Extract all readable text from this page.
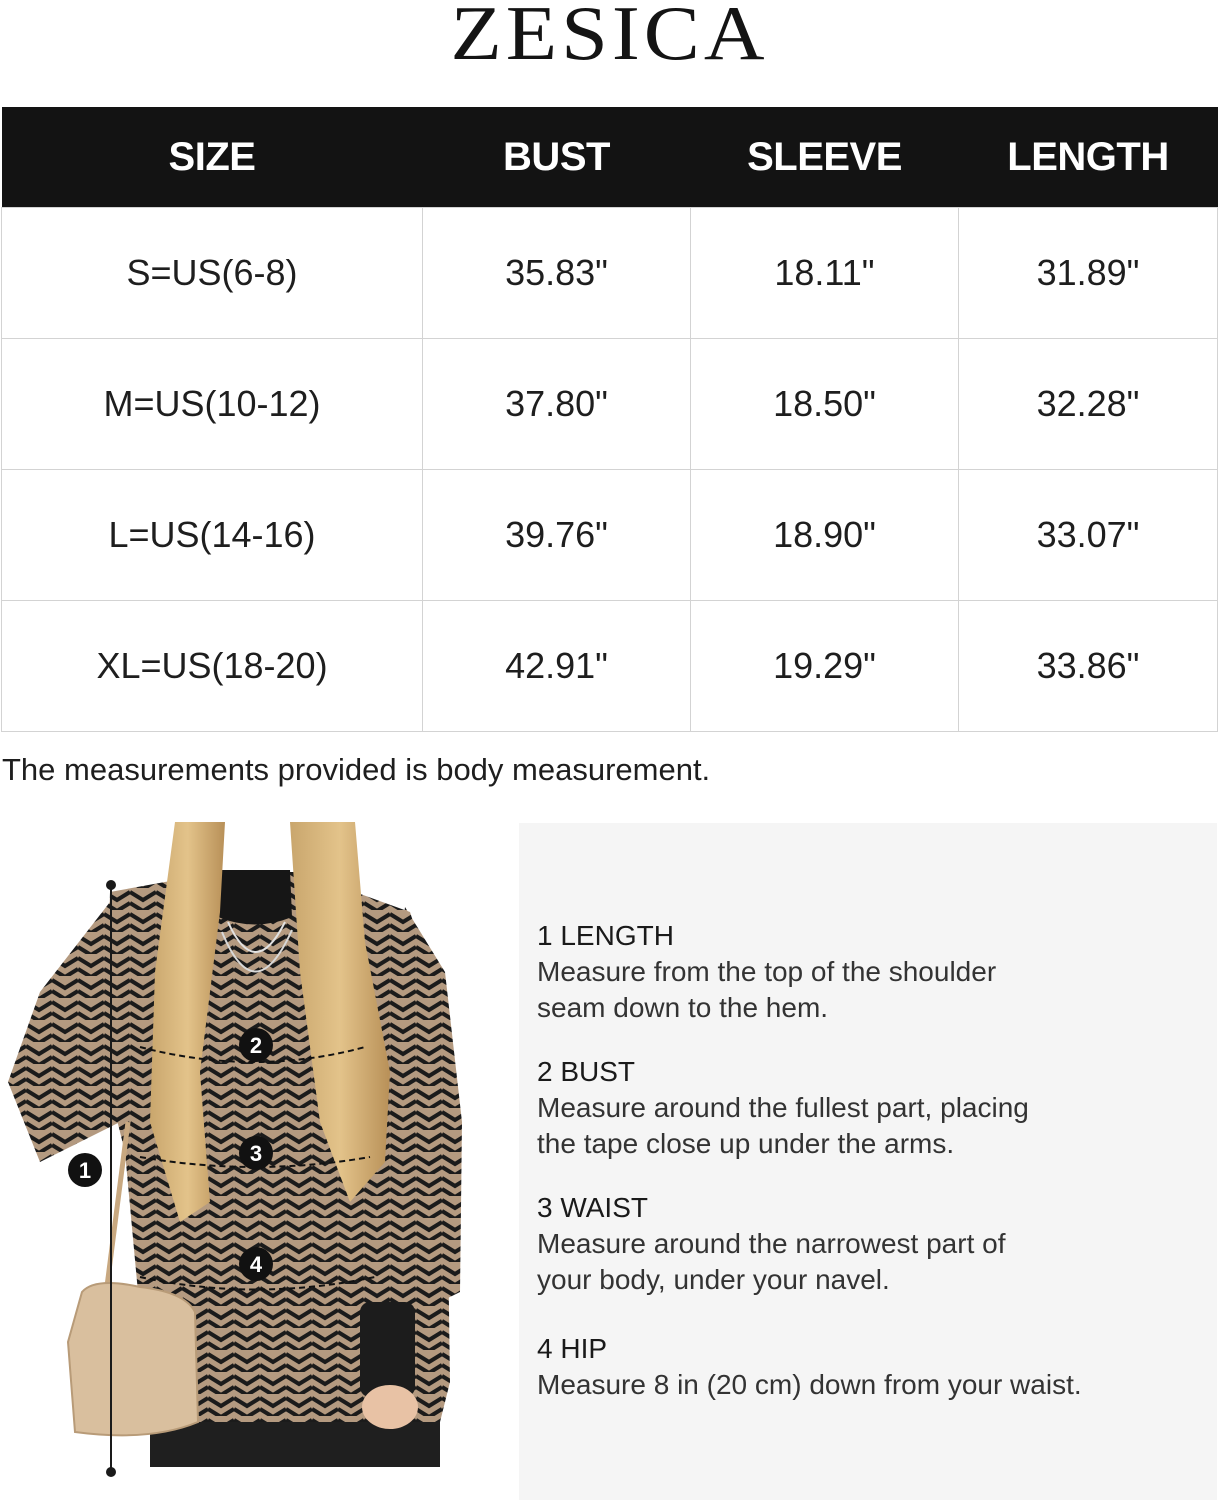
ZESICA
SIZE	BUST	SLEEVE	LENGTH
S=US(6-8)	35.83"	18.11"	31.89"
M=US(10-12)	37.80"	18.50"	32.28"
L=US(14-16)	39.76"	18.90"	33.07"
XL=US(18-20)	42.91"	19.29"	33.86"
The measurements provided is body measurement.
1
2
3
4
1 LENGTH
Measure from the top of the shoulder
seam down to the hem.
2 BUST
Measure around the fullest part, placing
the tape close up under the arms.
3 WAIST
Measure around the narrowest part of
your body, under your navel.
4 HIP
Measure 8 in (20 cm) down from your waist.
